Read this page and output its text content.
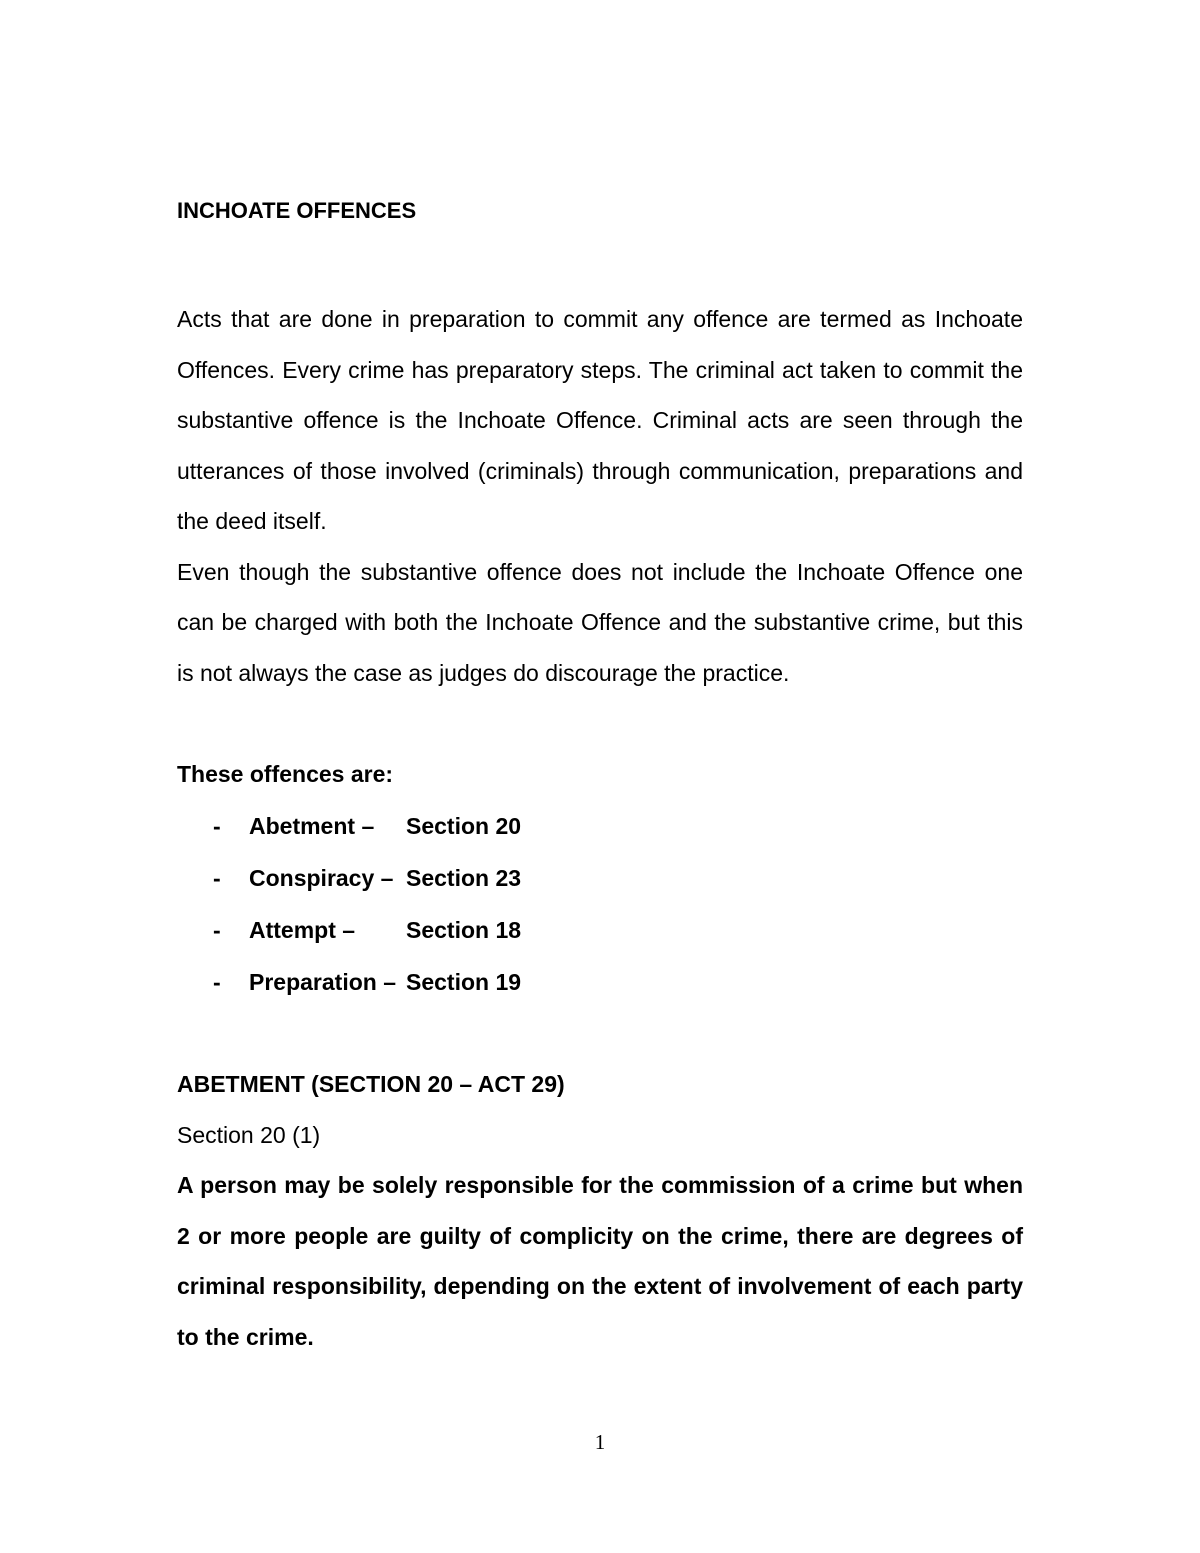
INCHOATE OFFENCES

Acts that are done in preparation to commit any offence are termed as Inchoate Offences. Every crime has preparatory steps. The criminal act taken to commit the substantive offence is the Inchoate Offence. Criminal acts are seen through the utterances of those involved (criminals) through communication, preparations and the deed itself.

Even though the substantive offence does not include the Inchoate Offence one can be charged with both the Inchoate Offence and the substantive crime, but this is not always the case as judges do discourage the practice.

These offences are:

-	Abetment –	Section 20
-	Conspiracy – Section 23
-	Attempt –	Section 18
-	Preparation – Section 19

ABETMENT (SECTION 20 – ACT 29)

Section 20 (1)

A person may be solely responsible for the commission of a crime but when 2 or more people are guilty of complicity on the crime, there are degrees of criminal responsibility, depending on the extent of involvement of each party to the crime.

1
